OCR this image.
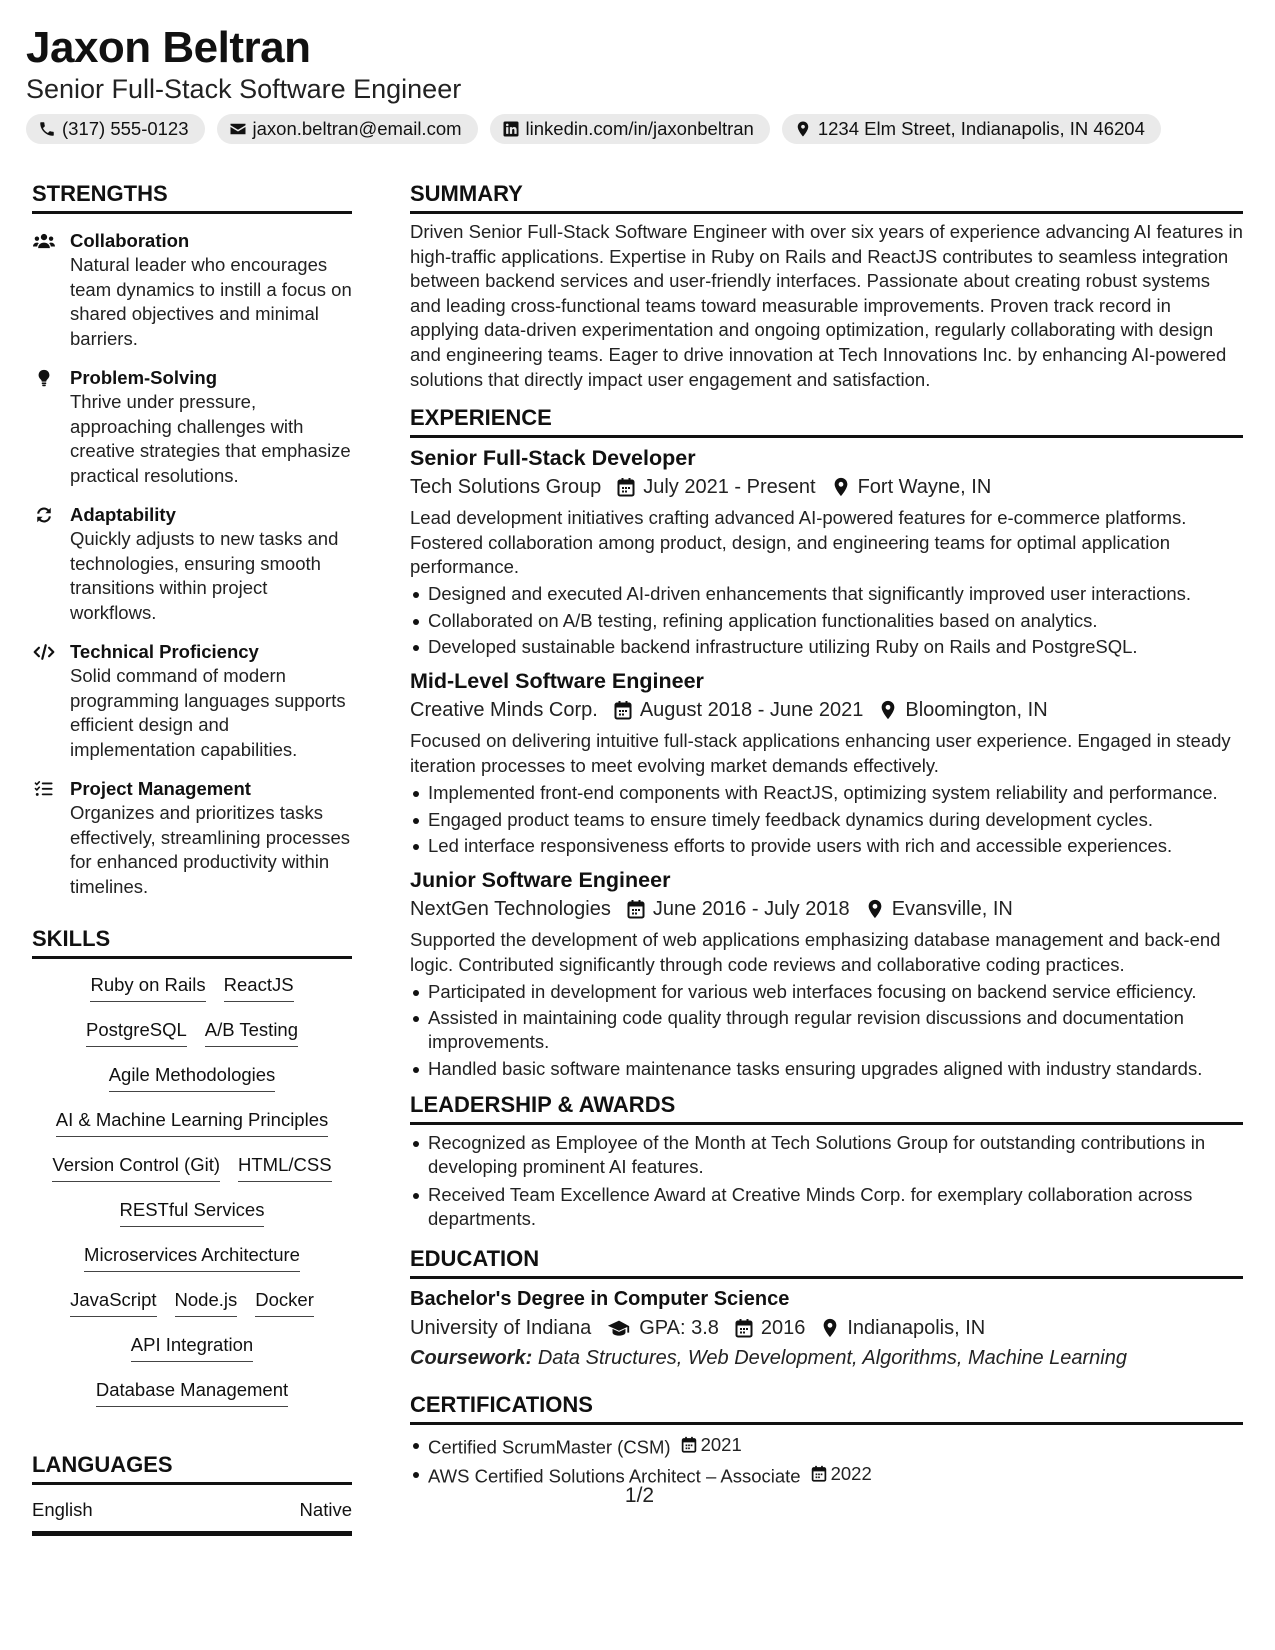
Jaxon Beltran
Senior Full-Stack Software Engineer
(317) 555-0123	jaxon.beltran@email.com	linkedin.com/in/jaxonbeltran	1234 Elm Street, Indianapolis, IN 46204
STRENGTHS
Collaboration
Natural leader who encourages team dynamics to instill a focus on shared objectives and minimal barriers.
Problem-Solving
Thrive under pressure, approaching challenges with creative strategies that emphasize practical resolutions.
Adaptability
Quickly adjusts to new tasks and technologies, ensuring smooth transitions within project workflows.
Technical Proficiency
Solid command of modern programming languages supports efficient design and implementation capabilities.
Project Management
Organizes and prioritizes tasks effectively, streamlining processes for enhanced productivity within timelines.
SKILLS
Ruby on Rails ReactJS
PostgreSQL A/B Testing
Agile Methodologies
AI & Machine Learning Principles
Version Control (Git) HTML/CSS
RESTful Services
Microservices Architecture
JavaScript Node.js Docker
API Integration
Database Management
LANGUAGES
English	Native
SUMMARY
Driven Senior Full-Stack Software Engineer with over six years of experience advancing AI features in high-traffic applications. Expertise in Ruby on Rails and ReactJS contributes to seamless integration between backend services and user-friendly interfaces. Passionate about creating robust systems and leading cross-functional teams toward measurable improvements. Proven track record in applying data-driven experimentation and ongoing optimization, regularly collaborating with design and engineering teams. Eager to drive innovation at Tech Innovations Inc. by enhancing AI-powered solutions that directly impact user engagement and satisfaction.
EXPERIENCE
Senior Full-Stack Developer
Tech Solutions Group July 2021 - Present Fort Wayne, IN
Lead development initiatives crafting advanced AI-powered features for e-commerce platforms. Fostered collaboration among product, design, and engineering teams for optimal application performance.
Designed and executed AI-driven enhancements that significantly improved user interactions.
Collaborated on A/B testing, refining application functionalities based on analytics.
Developed sustainable backend infrastructure utilizing Ruby on Rails and PostgreSQL.
Mid-Level Software Engineer
Creative Minds Corp. August 2018 - June 2021 Bloomington, IN
Focused on delivering intuitive full-stack applications enhancing user experience. Engaged in steady iteration processes to meet evolving market demands effectively.
Implemented front-end components with ReactJS, optimizing system reliability and performance.
Engaged product teams to ensure timely feedback dynamics during development cycles.
Led interface responsiveness efforts to provide users with rich and accessible experiences.
Junior Software Engineer
NextGen Technologies June 2016 - July 2018 Evansville, IN
Supported the development of web applications emphasizing database management and back-end logic. Contributed significantly through code reviews and collaborative coding practices.
Participated in development for various web interfaces focusing on backend service efficiency.
Assisted in maintaining code quality through regular revision discussions and documentation improvements.
Handled basic software maintenance tasks ensuring upgrades aligned with industry standards.
LEADERSHIP & AWARDS
Recognized as Employee of the Month at Tech Solutions Group for outstanding contributions in developing prominent AI features.
Received Team Excellence Award at Creative Minds Corp. for exemplary collaboration across departments.
EDUCATION
Bachelor's Degree in Computer Science
University of Indiana GPA: 3.8 2016 Indianapolis, IN
Coursework: Data Structures, Web Development, Algorithms, Machine Learning
CERTIFICATIONS
Certified ScrumMaster (CSM) 2021
AWS Certified Solutions Architect – Associate 2022
1/2
